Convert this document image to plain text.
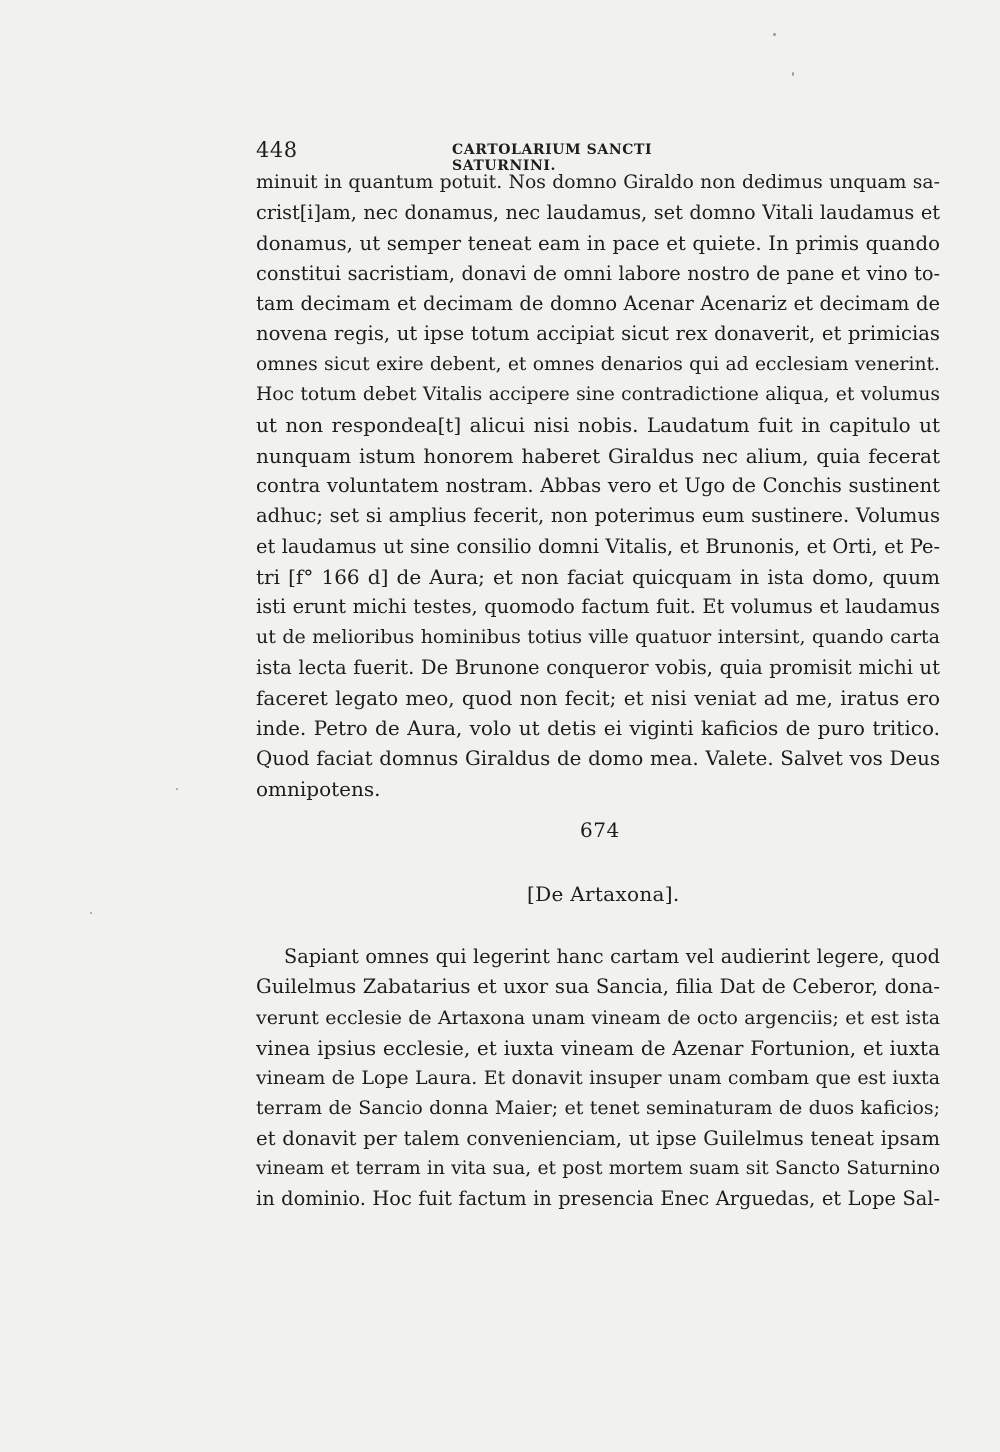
448	CARTOLARIUM SANCTI SATURNINI.
minuit in quantum potuit. Nos domno Giraldo non dedimus unquam sa-
crist[i]am, nec donamus, nec laudamus, set domno Vitali laudamus et
donamus, ut semper teneat eam in pace et quiete. In primis quando
constitui sacristiam, donavi de omni labore nostro de pane et vino to-
tam decimam et decimam de domno Acenar Acenariz et decimam de
novena regis, ut ipse totum accipiat sicut rex donaverit, et primicias
omnes sicut exire debent, et omnes denarios qui ad ecclesiam venerint.
Hoc totum debet Vitalis accipere sine contradictione aliqua, et volumus
ut non respondea[t] alicui nisi nobis. Laudatum fuit in capitulo ut
nunquam istum honorem haberet Giraldus nec alium, quia fecerat
contra voluntatem nostram. Abbas vero et Ugo de Conchis sustinent
adhuc; set si amplius fecerit, non poterimus eum sustinere. Volumus
et laudamus ut sine consilio domni Vitalis, et Brunonis, et Orti, et Pe-
tri [f° 166 d] de Aura; et non faciat quicquam in ista domo, quum
isti erunt michi testes, quomodo factum fuit. Et volumus et laudamus
ut de melioribus hominibus totius ville quatuor intersint, quando carta
ista lecta fuerit. De Brunone conqueror vobis, quia promisit michi ut
faceret legato meo, quod non fecit; et nisi veniat ad me, iratus ero
inde. Petro de Aura, volo ut detis ei viginti kaficios de puro tritico.
Quod faciat domnus Giraldus de domo mea. Valete. Salvet vos Deus
omnipotens.
674
[De Artaxona].
Sapiant omnes qui legerint hanc cartam vel audierint legere, quod
Guilelmus Zabatarius et uxor sua Sancia, filia Dat de Ceberor, dona-
verunt ecclesie de Artaxona unam vineam de octo argenciis; et est ista
vinea ipsius ecclesie, et iuxta vineam de Azenar Fortunion, et iuxta
vineam de Lope Laura. Et donavit insuper unam combam que est iuxta
terram de Sancio donna Maier; et tenet seminaturam de duos kaficios;
et donavit per talem convenienciam, ut ipse Guilelmus teneat ipsam
vineam et terram in vita sua, et post mortem suam sit Sancto Saturnino
in dominio. Hoc fuit factum in presencia Enec Arguedas, et Lope Sal-
